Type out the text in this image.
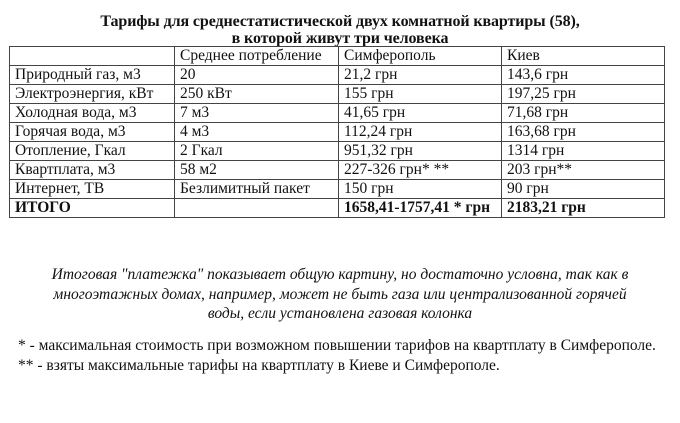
Тарифы для среднестатистической двух комнатной квартиры (58),
в которой живут три человека
	Среднее потребление	Симферополь	Киев
Природный газ, м3	20	21,2 грн	143,6 грн
Электроэнергия, кВт	250 кВт	155 грн	197,25 грн
Холодная вода, м3	7 м3	41,65 грн	71,68 грн
Горячая вода, м3	4 м3	112,24 грн	163,68 грн
Отопление, Гкал	2 Гкал	951,32 грн	1314 грн
Квартплата, м3	58 м2	227-326 грн* **	203 грн**
Интернет, ТВ	Безлимитный пакет	150 грн	90 грн
ИТОГО		1658,41-1757,41 * грн	2183,21 грн
Итоговая "платежка" показывает общую картину, но достаточно условна, так как в
многоэтажных домах, например, может не быть газа или централизованной горячей
воды, если установлена газовая колонка
* - максимальная стоимость при возможном повышении тарифов на квартплату в Симферополе.
** - взяты максимальные тарифы на квартплату в Киеве и Симферополе.
